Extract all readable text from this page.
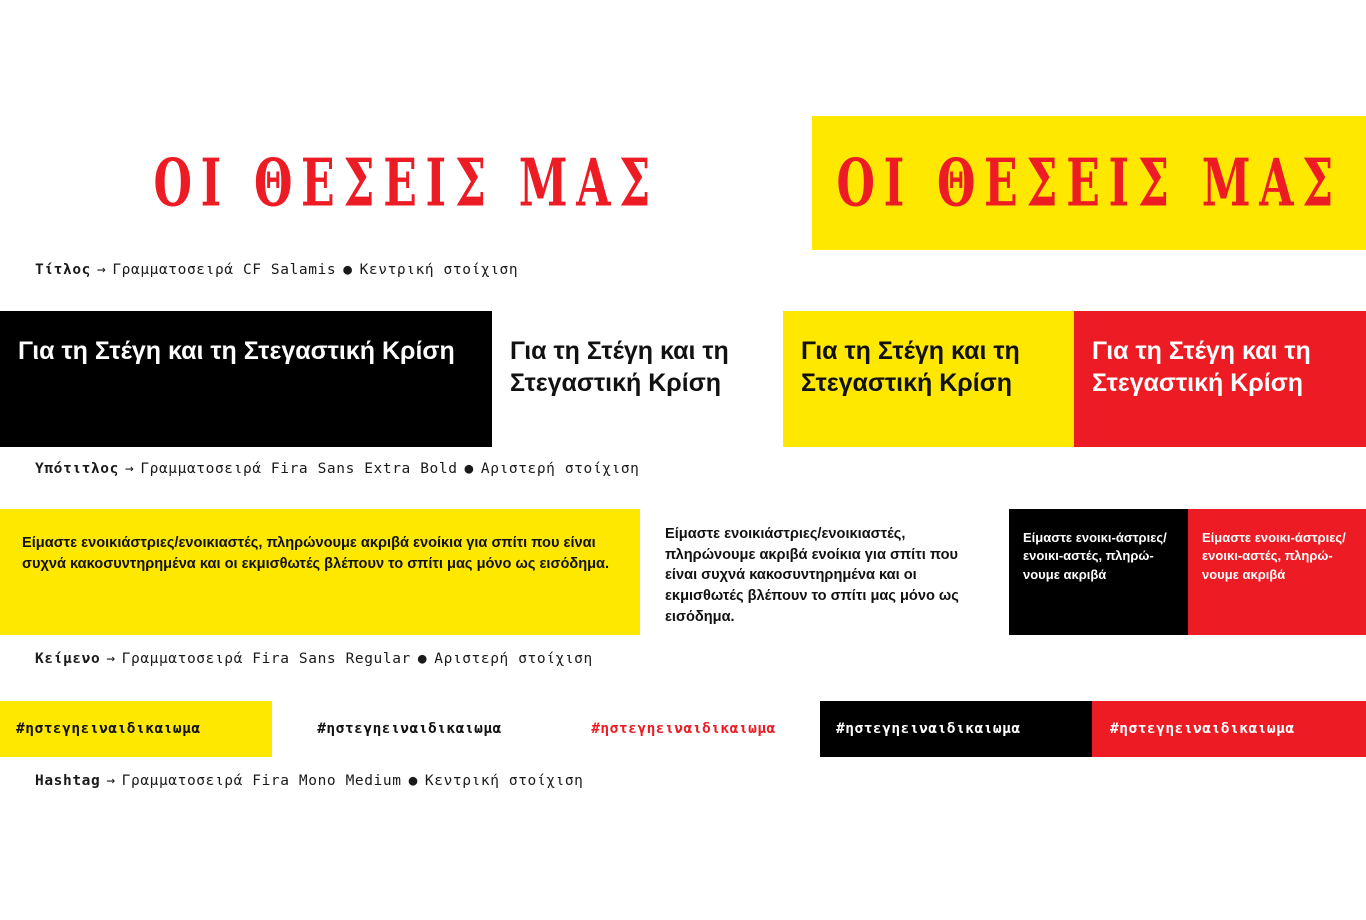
ΟΙ ΘΕΣΕΙΣ ΜΑΣ	ΟΙ ΘΕΣΕΙΣ ΜΑΣ
Τίτλος → Γραμματοσειρά CF Salamis ● Κεντρική στοίχιση
Για τη Στέγη και τη Στεγαστική Κρίση	Για τη Στέγη και τη Στεγαστική Κρίση
Για τη Στέγη και τη Στεγαστική Κρίση
Για τη Στέγη και τη Στεγαστική Κρίση
Υπότιτλος → Γραμματοσειρά Fira Sans Extra Bold ● Αριστερή στοίχιση
Είμαστε ενοικιάστριες/ενοικιαστές, πληρώνουμε ακριβά ενοίκια για σπίτι που είναι συχνά κακοσυντηρημένα και οι εκμισθωτές βλέπουν το σπίτι μας μόνο ως εισόδημα.
Είμαστε ενοικιάστριες/ενοικιαστές, πληρώνουμε ακριβά ενοίκια για σπίτι που είναι συχνά κακοσυντηρημένα και οι εκμισθωτές βλέπουν το σπίτι μας μόνο ως εισόδημα.
Είμαστε ενοικι-άστριες/ενοικι-αστές, πληρώ-νουμε ακριβά
Είμαστε ενοικι-άστριες/ενοικι-αστές, πληρώ-νουμε ακριβά
Κείμενο → Γραμματοσειρά Fira Sans Regular ● Αριστερή στοίχιση
#ηστεγηειναιδικαιωμα	#ηστεγηειναιδικαιωμα	#ηστεγηειναιδικαιωμα	#ηστεγηειναιδικαιωμα	#ηστεγηειναιδικαιωμα
Hashtag → Γραμματοσειρά Fira Mono Medium ● Κεντρική στοίχιση
